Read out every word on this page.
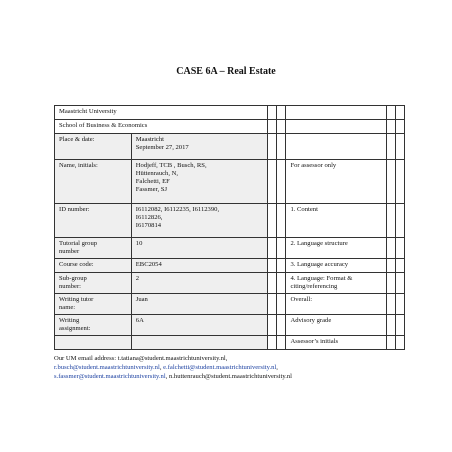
CASE 6A – Real Estate
Maastricht University						
School of Business & Economics						
Place & date:	Maastricht
September 27, 2017					
Name, initials:	Hodjeff, TCB , Busch, RS,
Hüttenrauch, N,
Falchetti, EF
Fassmer, SJ			For assessor only		
ID number:	I6112082, I6112235, I6112390,
I6112826,
I6170814			1. Content		
Tutorial group
number	10			2. Language structure		
Course code:	EBC2054			3. Language accuracy		
Sub-group
number:	2			4. Language: Format &
citing/referencing		
Writing tutor
name:	Juan			Overall:		
Writing
assignment:	6A			Advisory grade		
				Assessor’s initials		
Our UM email address: t.tatiana@student.maastrichtuniversity.nl,
r.busch@student.maastrichtuniversity.nl, e.falchetti@student.maastrichtuniversity.nl,
s.fassmer@student.maastrichtuniversity.nl, n.huttenrauch@student.maastrichtuniversity.nl
